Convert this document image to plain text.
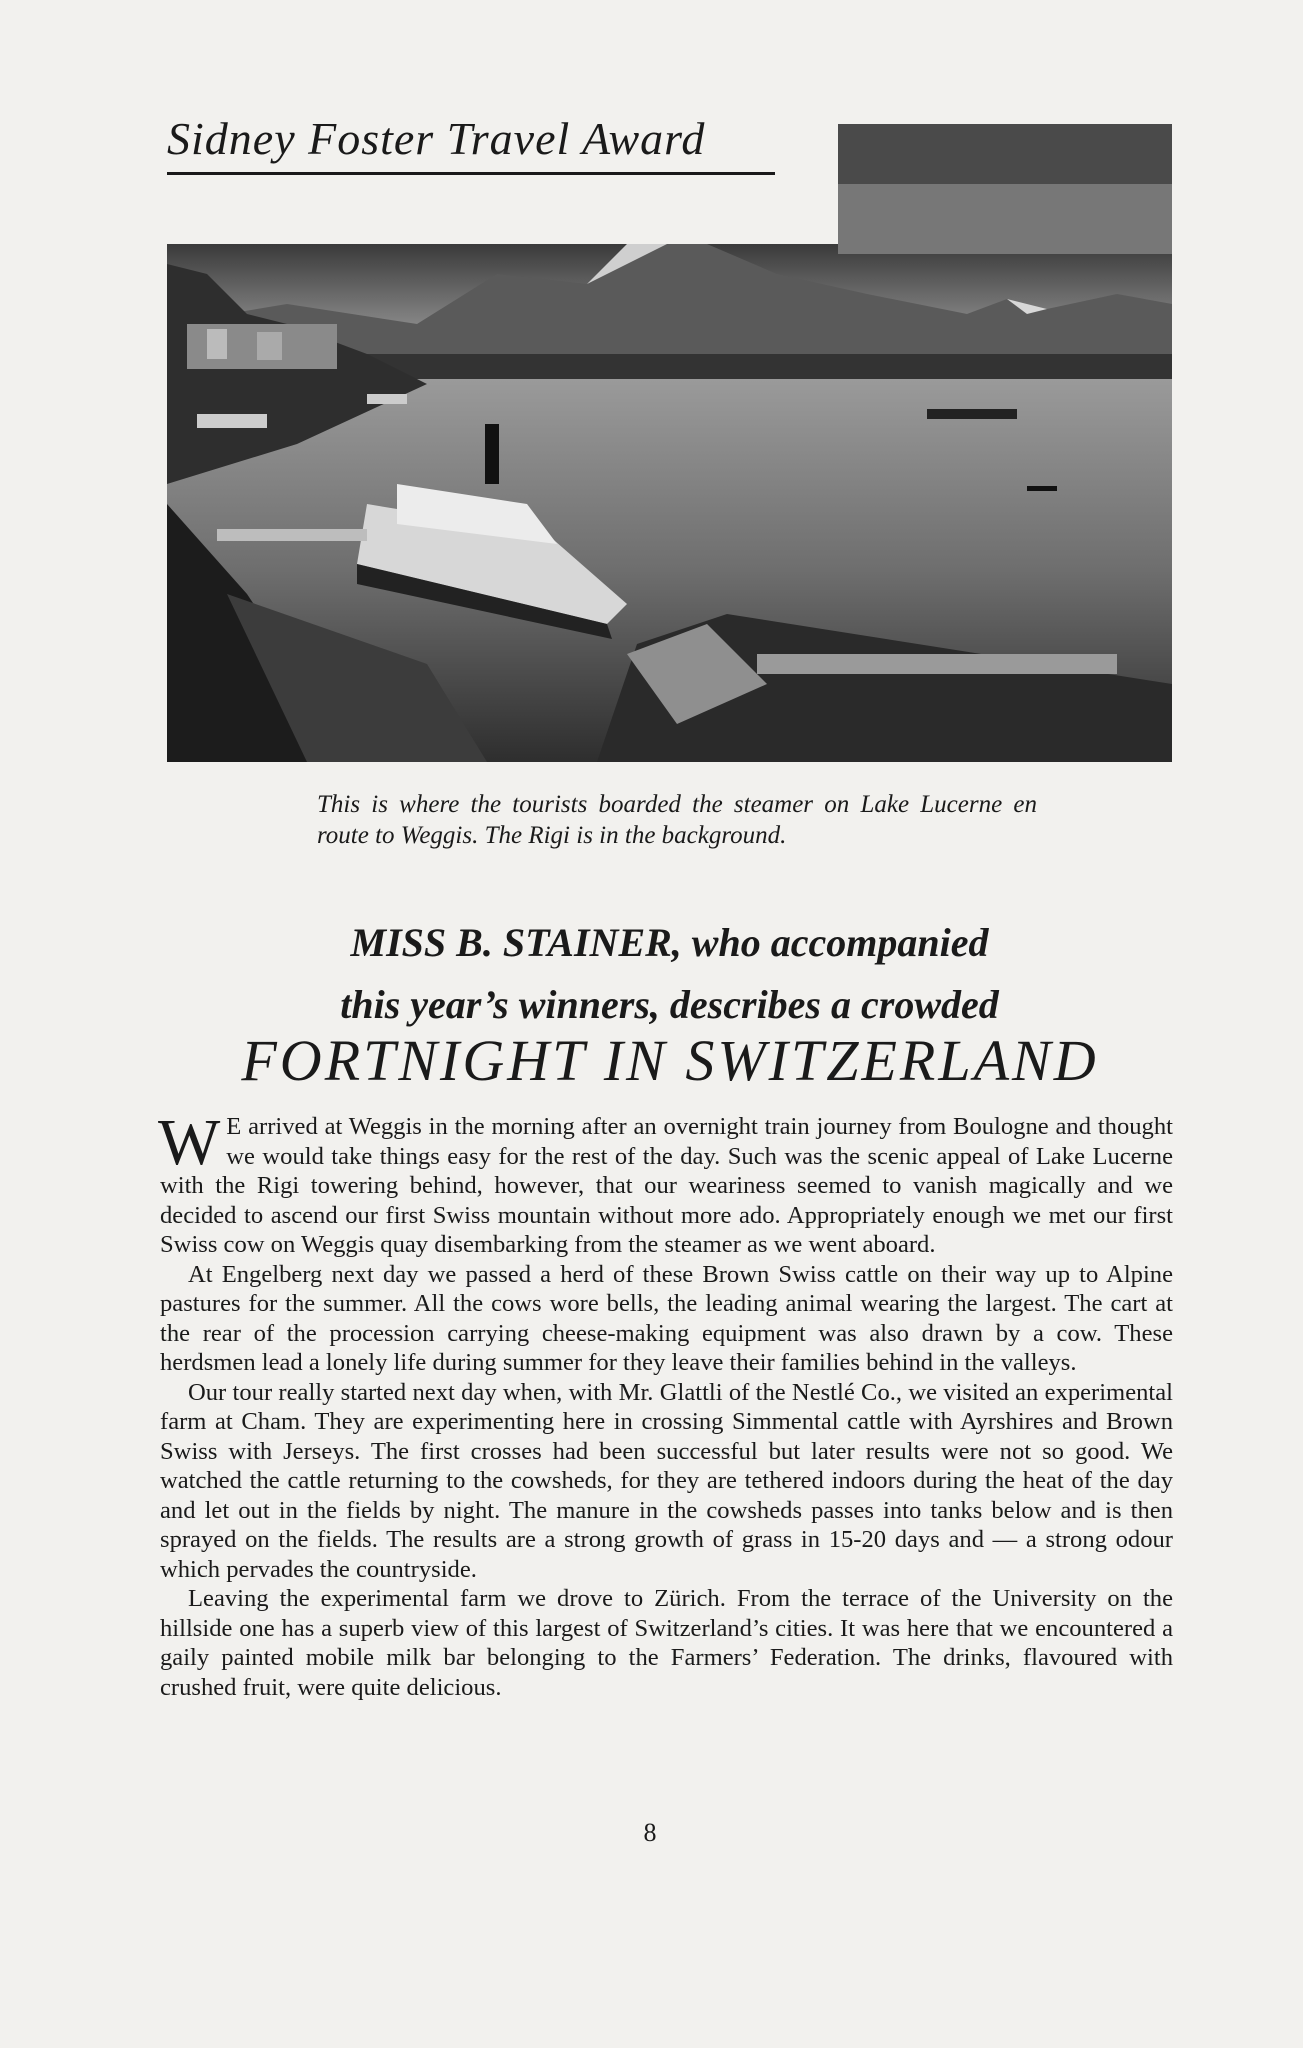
Sidney Foster Travel Award
This is where the tourists boarded the steamer on Lake Lucerne en route to Weggis. The Rigi is in the background.
MISS B. STAINER, who accompanied
this year’s winners, describes a crowded
FORTNIGHT IN SWITZERLAND

W E arrived at Weggis in the morning after an overnight train journey from Boulogne and thought we would take things easy for the rest of the day. Such was the scenic appeal of Lake Lucerne with the Rigi towering behind, however, that our weariness seemed to vanish magically and we decided to ascend our first Swiss mountain without more ado. Appropriately enough we met our first Swiss cow on Weggis quay disembarking from the steamer as we went aboard.

At Engelberg next day we passed a herd of these Brown Swiss cattle on their way up to Alpine pastures for the summer. All the cows wore bells, the leading animal wearing the largest. The cart at the rear of the procession carrying cheese-making equipment was also drawn by a cow. These herdsmen lead a lonely life during summer for they leave their families behind in the valleys.

Our tour really started next day when, with Mr. Glattli of the Nestlé Co., we visited an experimental farm at Cham. They are experimenting here in crossing Simmental cattle with Ayrshires and Brown Swiss with Jerseys. The first crosses had been successful but later results were not so good. We watched the cattle returning to the cowsheds, for they are tethered indoors during the heat of the day and let out in the fields by night. The manure in the cowsheds passes into tanks below and is then sprayed on the fields. The results are a strong growth of grass in 15-20 days and — a strong odour which pervades the countryside.

Leaving the experimental farm we drove to Zürich. From the terrace of the University on the hillside one has a superb view of this largest of Switzerland’s cities. It was here that we encountered a gaily painted mobile milk bar belonging to the Farmers’ Federation. The drinks, flavoured with crushed fruit, were quite delicious.

8
